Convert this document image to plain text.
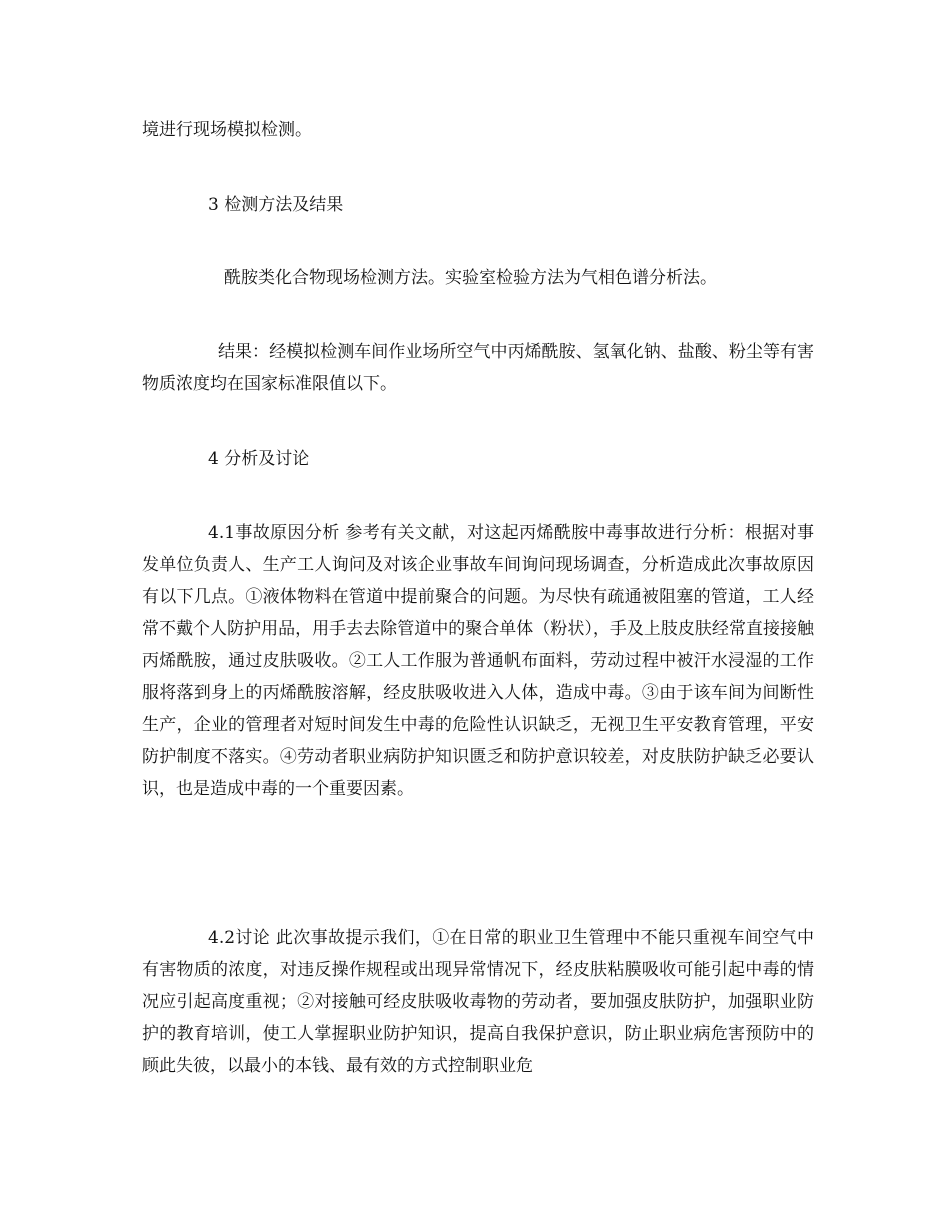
境进行现场模拟检测。

3 检测方法及结果

酰胺类化合物现场检测方法。实验室检验方法为气相色谱分析法。

结果：经模拟检测车间作业场所空气中丙烯酰胺、氢氧化钠、盐酸、粉尘等有害物质浓度均在国家标准限值以下。

4 分析及讨论

4.1事故原因分析 参考有关文献，对这起丙烯酰胺中毒事故进行分析：根据对事发单位负责人、生产工人询问及对该企业事故车间询问现场调查，分析造成此次事故原因有以下几点。①液体物料在管道中提前聚合的问题。为尽快有疏通被阻塞的管道，工人经常不戴个人防护用品，用手去去除管道中的聚合单体（粉状），手及上肢皮肤经常直接接触丙烯酰胺，通过皮肤吸收。②工人工作服为普通帆布面料，劳动过程中被汗水浸湿的工作服将落到身上的丙烯酰胺溶解，经皮肤吸收进入人体，造成中毒。③由于该车间为间断性生产，企业的管理者对短时间发生中毒的危险性认识缺乏，无视卫生平安教育管理，平安防护制度不落实。④劳动者职业病防护知识匮乏和防护意识较差，对皮肤防护缺乏必要认识，也是造成中毒的一个重要因素。

4.2讨论 此次事故提示我们，①在日常的职业卫生管理中不能只重视车间空气中有害物质的浓度，对违反操作规程或出现异常情况下，经皮肤粘膜吸收可能引起中毒的情况应引起高度重视；②对接触可经皮肤吸收毒物的劳动者，要加强皮肤防护，加强职业防护的教育培训，使工人掌握职业防护知识，提高自我保护意识，防止职业病危害预防中的顾此失彼，以最小的本钱、最有效的方式控制职业危
